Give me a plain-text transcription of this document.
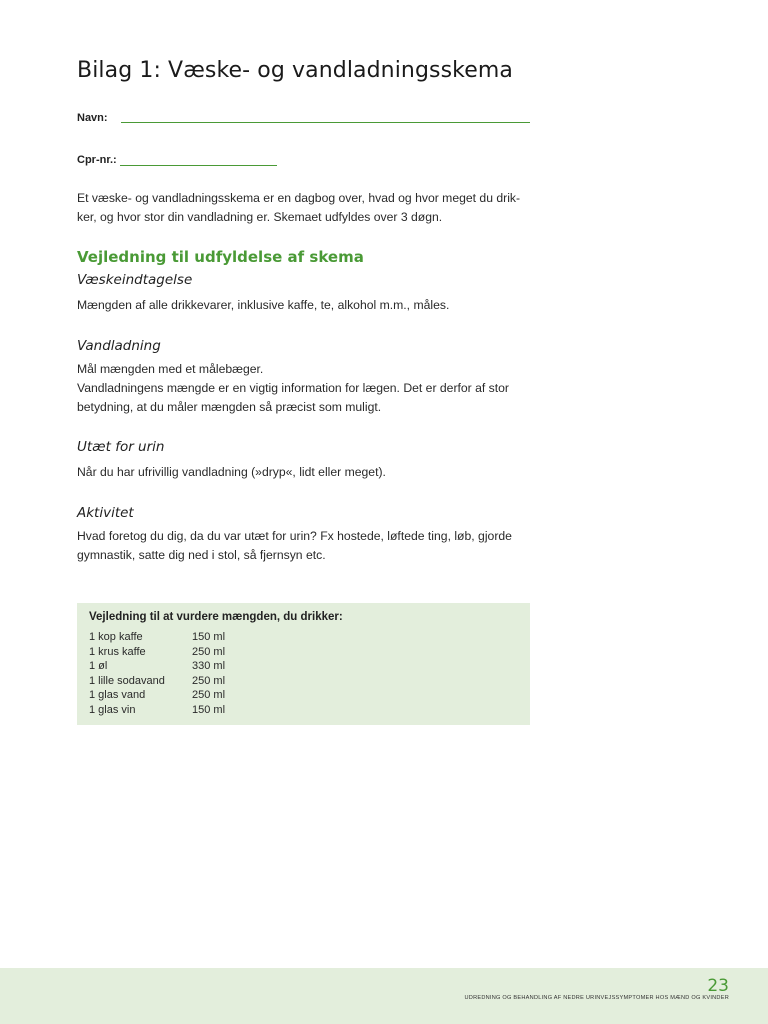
Bilag 1: Væske- og vandladningsskema
Navn:
Cpr-nr.:

Et væske- og vandladningsskema er en dagbog over, hvad og hvor meget du drik-
ker, og hvor stor din vandladning er. Skemaet udfyldes over 3 døgn.

Vejledning til udfyldelse af skema
Væskeindtagelse

Mængden af alle drikkevarer, inklusive kaffe, te, alkohol m.m., måles.

Vandladning

Mål mængden med et målebæger.
Vandladningens mængde er en vigtig information for lægen. Det er derfor af stor
betydning, at du måler mængden så præcist som muligt.

Utæt for urin

Når du har ufrivillig vandladning (»dryp«, lidt eller meget).

Aktivitet

Hvad foretog du dig, da du var utæt for urin? Fx hostede, løftede ting, løb, gjorde
gymnastik, satte dig ned i stol, så fjernsyn etc.

Vejledning til at vurdere mængden, du drikker:
1 kop kaffe	150 ml
1 krus kaffe	250 ml
1 øl	330 ml
1 lille sodavand	250 ml
1 glas vand	250 ml
1 glas vin	150 ml
23
UDREDNING OG BEHANDLING AF NEDRE URINVEJSSYMPTOMER HOS MÆND OG KVINDER
